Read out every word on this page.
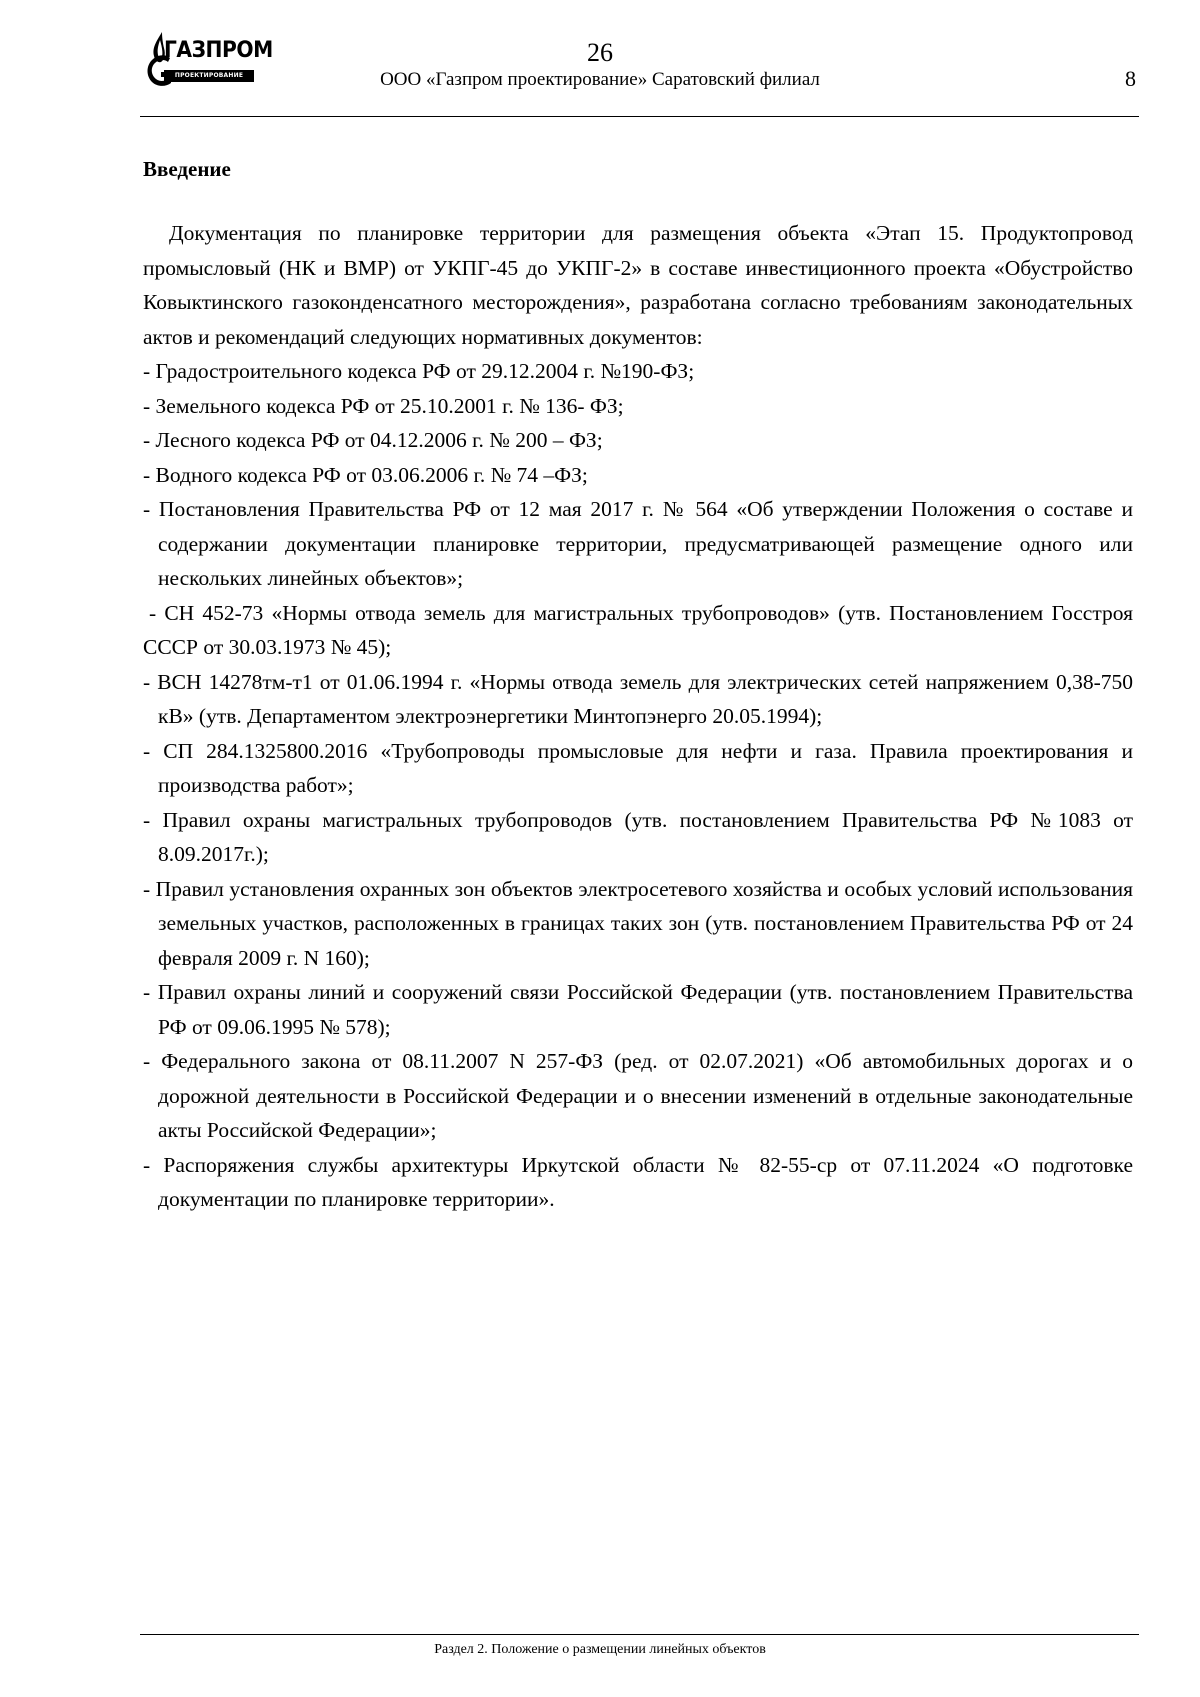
ГАЗПРОМ
ПРОЕКТИРОВАНИЕ
26
ООО «Газпром проектирование» Саратовский филиал	8
Введение

Документация по планировке территории для размещения объекта «Этап 15. Продуктопровод промысловый (НК и ВМР) от УКПГ-45 до УКПГ-2» в составе инвестиционного проекта «Обустройство Ковыктинского газоконденсатного месторождения», разработана согласно требованиям законодательных актов и рекомендаций следующих нормативных документов:

- Градостроительного кодекса РФ от 29.12.2004 г. №190-ФЗ;
- Земельного кодекса РФ от 25.10.2001 г. № 136- ФЗ;
- Лесного кодекса РФ от 04.12.2006 г. № 200 – ФЗ;
- Водного кодекса РФ от 03.06.2006 г. № 74 –ФЗ;
- Постановления Правительства РФ от 12 мая 2017 г. № 564 «Об утверждении Положения о составе и содержании документации планировке территории, предусматривающей размещение одного или нескольких линейных объектов»;
- СН 452-73 «Нормы отвода земель для магистральных трубопроводов» (утв. Постановлением Госстроя СССР от 30.03.1973 № 45);
- ВСН 14278тм-т1 от 01.06.1994 г. «Нормы отвода земель для электрических сетей напряжением 0,38-750 кВ» (утв. Департаментом электроэнергетики Минтопэнерго 20.05.1994);
- СП 284.1325800.2016 «Трубопроводы промысловые для нефти и газа. Правила проектирования и производства работ»;
- Правил охраны магистральных трубопроводов (утв. постановлением Правительства РФ №1083 от 8.09.2017г.);
- Правил установления охранных зон объектов электросетевого хозяйства и особых условий использования земельных участков, расположенных в границах таких зон (утв. постановлением Правительства РФ от 24 февраля 2009 г. N 160);
- Правил охраны линий и сооружений связи Российской Федерации (утв. постановлением Правительства РФ от 09.06.1995 № 578);
- Федерального закона от 08.11.2007 N 257-ФЗ (ред. от 02.07.2021) «Об автомобильных дорогах и о дорожной деятельности в Российской Федерации и о внесении изменений в отдельные законодательные акты Российской Федерации»;
- Распоряжения службы архитектуры Иркутской области № 82-55-ср от 07.11.2024 «О подготовке документации по планировке территории».
Раздел 2. Положение о размещении линейных объектов
